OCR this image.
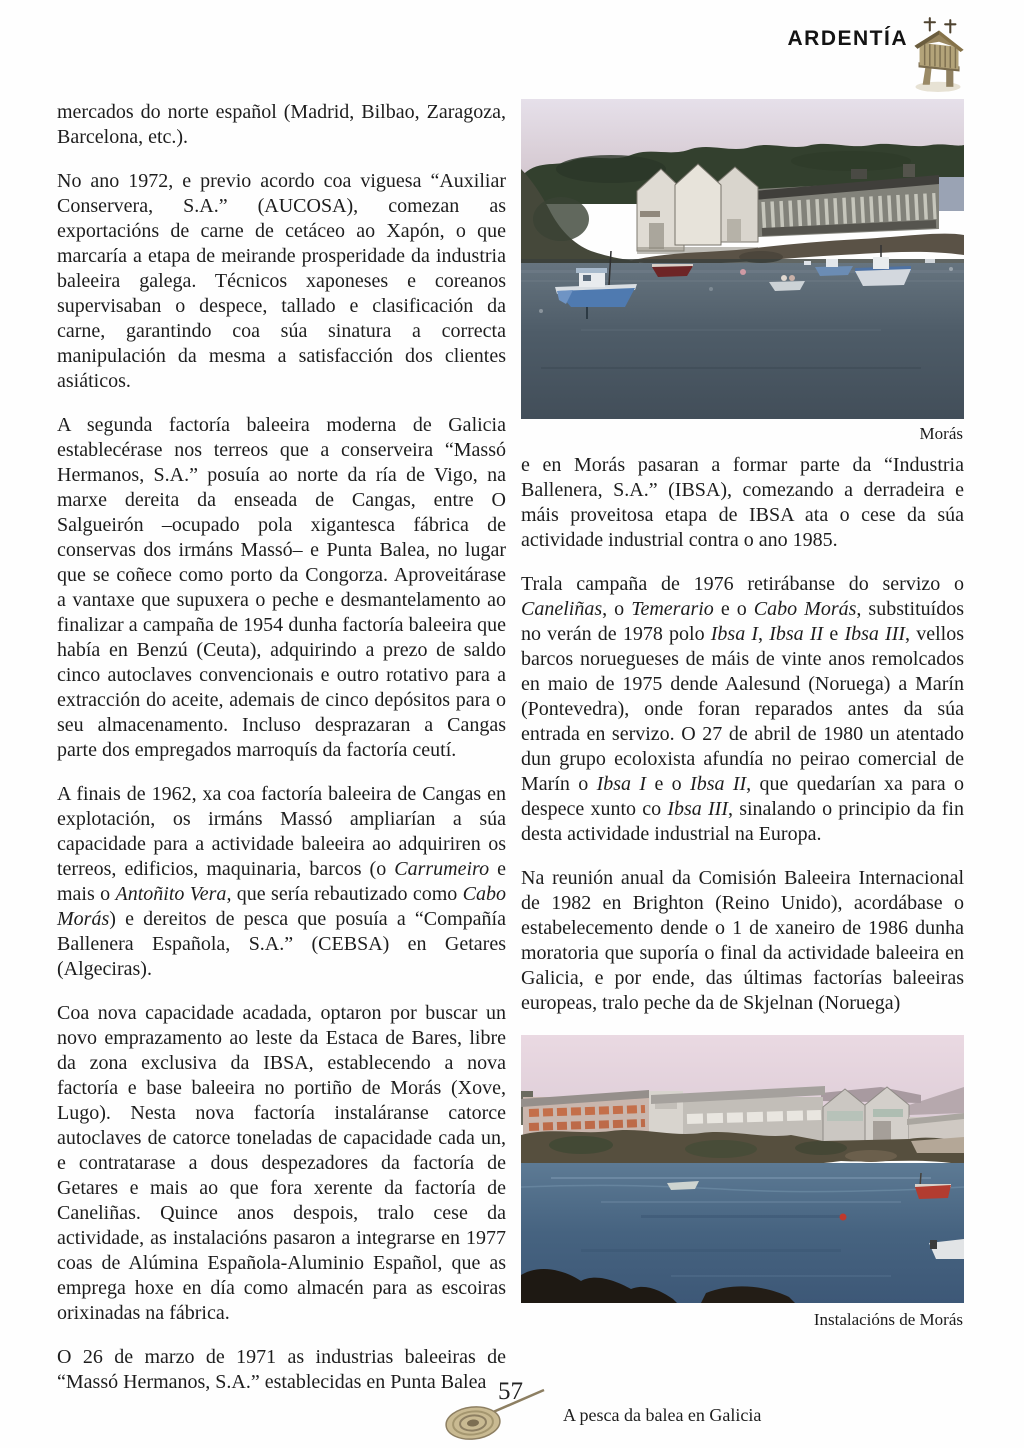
ARDENTÍA

mercados do norte español (Madrid, Bilbao, Zaragoza, Barcelona, etc.).

No ano 1972, e previo acordo coa viguesa “Auxiliar Conservera, S.A.” (AUCOSA), comezan as exportacións de carne de cetáceo ao Xapón, o que marcaría a etapa de meirande prosperidade da industria baleeira galega. Técnicos xaponeses e coreanos supervisaban o despece, tallado e clasificación da carne, garantindo coa súa sinatura a correcta manipulación da mesma a satisfacción dos clientes asiáticos.

A segunda factoría baleeira moderna de Galicia establecérase nos terreos que a conserveira “Massó Hermanos, S.A.” posuía ao norte da ría de Vigo, na marxe dereita da enseada de Cangas, entre O Salgueirón –ocupado pola xigantesca fábrica de conservas dos irmáns Massó– e Punta Balea, no lugar que se coñece como porto da Congorza. Aproveitárase a vantaxe que supuxera o peche e desmantelamento ao finalizar a campaña de 1954 dunha factoría baleeira que había en Benzú (Ceuta), adquirindo a prezo de saldo cinco autoclaves convencionais e outro rotativo para a extracción do aceite, ademais de cinco depósitos para o seu almacenamento. Incluso desprazaran a Cangas parte dos empregados marroquís da factoría ceutí.

A finais de 1962, xa coa factoría baleeira de Cangas en explotación, os irmáns Massó ampliarían a súa capacidade para a actividade baleeira ao adquiriren os terreos, edificios, maquinaria, barcos (o Carrumeiro e mais o Antoñito Vera, que sería rebautizado como Cabo Morás) e dereitos de pesca que posuía a “Compañía Ballenera Española, S.A.” (CEBSA) en Getares (Algeciras).

Coa nova capacidade acadada, optaron por buscar un novo emprazamento ao leste da Estaca de Bares, libre da zona exclusiva da IBSA, establecendo a nova factoría e base baleeira no portiño de Morás (Xove, Lugo). Nesta nova factoría instaláranse catorce autoclaves de catorce toneladas de capacidade cada un, e contratarase a dous despezadores da factoría de Getares e mais ao que fora xerente da factoría de Caneliñas. Quince anos despois, tralo cese da actividade, as instalacións pasaron a integrarse en 1977 coas de Alúmina Española-Aluminio Español, que as emprega hoxe en día como almacén para as escoiras orixinadas na fábrica.

O 26 de marzo de 1971 as industrias baleeiras de “Massó Hermanos, S.A.” establecidas en Punta Balea

Morás

e en Morás pasaran a formar parte da “Industria Ballenera, S.A.” (IBSA), comezando a derradeira e máis proveitosa etapa de IBSA ata o cese da súa actividade industrial contra o ano 1985.

Trala campaña de 1976 retirábanse do servizo o Caneliñas, o Temerario e o Cabo Morás, substituídos no verán de 1978 polo Ibsa I, Ibsa II e Ibsa III, vellos barcos noruegueses de máis de vinte anos remolcados en maio de 1975 dende Aalesund (Noruega) a Marín (Pontevedra), onde foran reparados antes da súa entrada en servizo. O 27 de abril de 1980 un atentado dun grupo ecoloxista afundía no peirao comercial de Marín o Ibsa I e o Ibsa II, que quedarían xa para o despece xunto co Ibsa III, sinalando o principio da fin desta actividade industrial na Europa.

Na reunión anual da Comisión Baleeira Internacional de 1982 en Brighton (Reino Unido), acordábase o estabelecemento dende o 1 de xaneiro de 1986 dunha moratoria que suporía o final da actividade baleeira en Galicia, e por ende, das últimas factorías baleeiras europeas, tralo peche da de Skjelnan (Noruega)

Instalacións de Morás
57
A pesca da balea en Galicia
